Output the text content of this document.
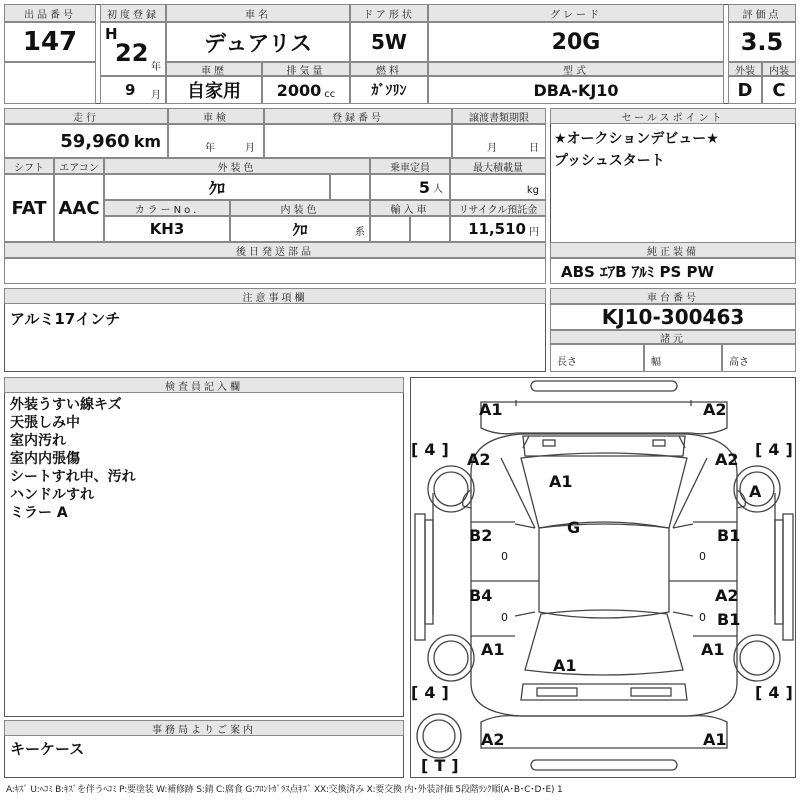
出品番号
147
初度登録
H
22
年
9 月
車名
デュアリス
車歴
自家用
排気量
2000 cc
ドア形状
5W
燃料
ｶﾞｿﾘﾝ
グレード
20G
型式
DBA-KJ10
評価点
3.5
外装	内装
D	C
走行
59,960 km
車検
年	月
登録番号	譲渡書類期限
月	日
シフト
FAT
エアコン
AAC
外装色
ｸﾛ
カラーNo.
KH3
内装色
ｸﾛ	系
乗車定員
5 人
最大積載量
kg
輸入車	リサイクル預託金
11,510 円
後日発送部品
セールスポイント
★オークションデビュー★
プッシュスタート
純正装備
ABS ｴｱB ｱﾙﾐ PS PW
注意事項欄
アルミ17インチ
車台番号
KJ10-300463
諸元
長さ	幅	高さ
検査員記入欄
外装うすい線キズ
天張しみ中
室内汚れ
室内内張傷
シートすれ中、汚れ
ハンドルすれ
ミラー A
事務局よりご案内
キーケース
A1	A2
[ 4 ]	[ 4 ]
A2	A2
A1
A
G
B2	B1
0	0
B4	A2
B1
0	0
A1	A1
A1
[ 4 ]	[ 4 ]
A2	A1
[ T ]
A:ｷｽﾞ U:ﾍｺﾐ B:ｷｽﾞを伴うﾍｺﾐ P:要塗装 W:補修跡 S:錆 C:腐食 G:ﾌﾛﾝﾄｶﾞﾗｽ点ｷｽﾞ XX:交換済み X:要交換 内･外装評価 5段階ﾗﾝｸ順(A･B･C･D･E) 1
